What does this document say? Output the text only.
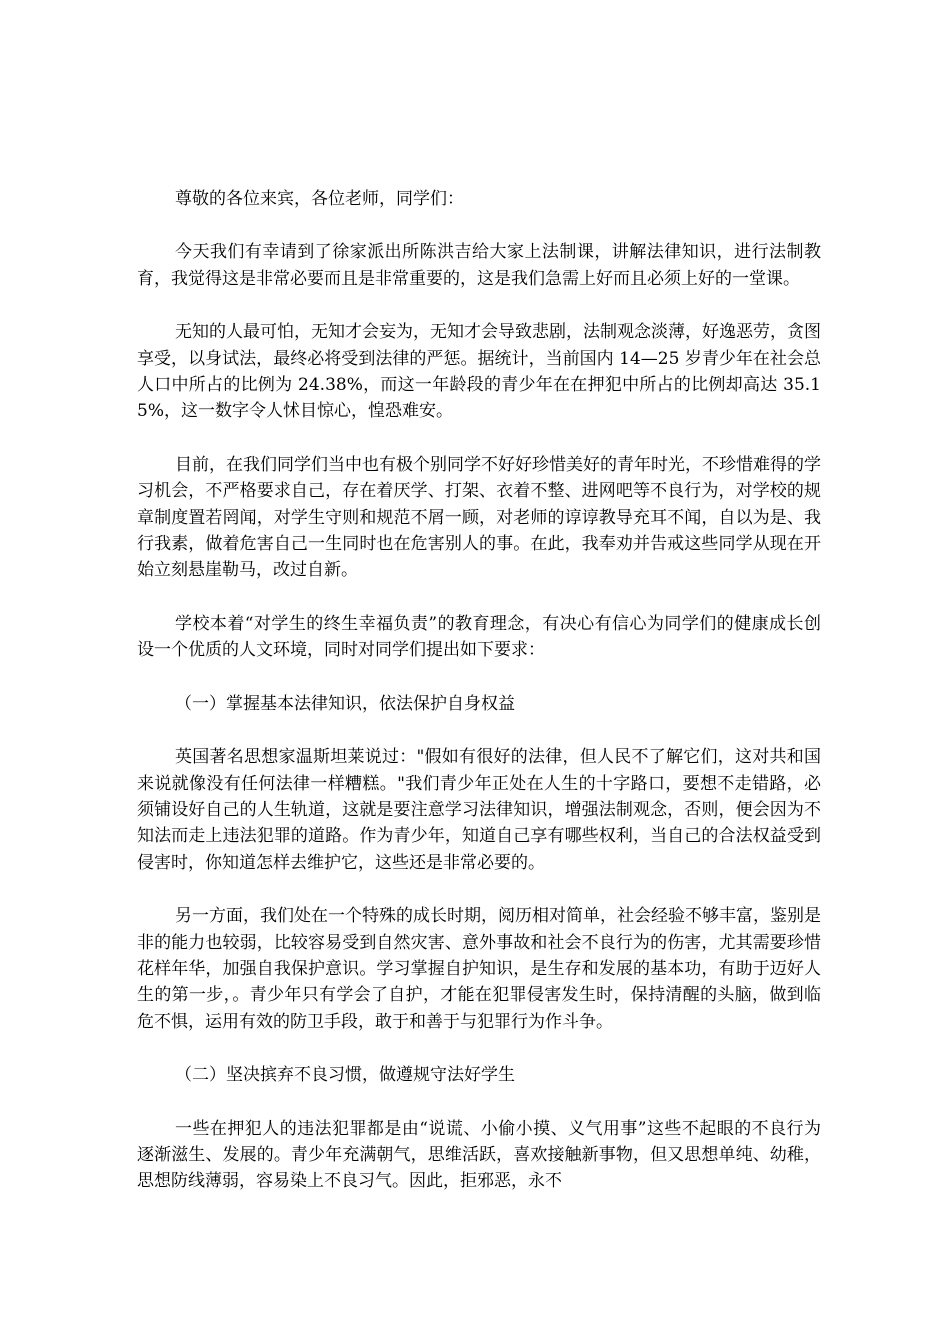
尊敬的各位来宾，各位老师，同学们：

今天我们有幸请到了徐家派出所陈洪吉给大家上法制课，讲解法律知识，进行法制教育，我觉得这是非常必要而且是非常重要的，这是我们急需上好而且必须上好的一堂课。

无知的人最可怕，无知才会妄为，无知才会导致悲剧，法制观念淡薄，好逸恶劳，贪图享受，以身试法，最终必将受到法律的严惩。据统计，当前国内 14—25 岁青少年在社会总人口中所占的比例为 24.38%，而这一年龄段的青少年在在押犯中所占的比例却高达 35.15%，这一数字令人怵目惊心，惶恐难安。

目前，在我们同学们当中也有极个别同学不好好珍惜美好的青年时光，不珍惜难得的学习机会，不严格要求自己，存在着厌学、打架、衣着不整、进网吧等不良行为，对学校的规章制度置若罔闻，对学生守则和规范不屑一顾，对老师的谆谆教导充耳不闻，自以为是、我行我素，做着危害自己一生同时也在危害别人的事。在此，我奉劝并告戒这些同学从现在开始立刻悬崖勒马，改过自新。

学校本着“对学生的终生幸福负责”的教育理念，有决心有信心为同学们的健康成长创设一个优质的人文环境，同时对同学们提出如下要求：

（一）掌握基本法律知识，依法保护自身权益

英国著名思想家温斯坦莱说过："假如有很好的法律，但人民不了解它们，这对共和国来说就像没有任何法律一样糟糕。"我们青少年正处在人生的十字路口，要想不走错路，必须铺设好自己的人生轨道，这就是要注意学习法律知识，增强法制观念，否则，便会因为不知法而走上违法犯罪的道路。作为青少年，知道自己享有哪些权利，当自己的合法权益受到侵害时，你知道怎样去维护它，这些还是非常必要的。

另一方面，我们处在一个特殊的成长时期，阅历相对简单，社会经验不够丰富，鉴别是非的能力也较弱，比较容易受到自然灾害、意外事故和社会不良行为的伤害，尤其需要珍惜花样年华，加强自我保护意识。学习掌握自护知识，是生存和发展的基本功，有助于迈好人生的第一步，。青少年只有学会了自护，才能在犯罪侵害发生时，保持清醒的头脑，做到临危不惧，运用有效的防卫手段，敢于和善于与犯罪行为作斗争。

（二）坚决摈弃不良习惯，做遵规守法好学生

一些在押犯人的违法犯罪都是由“说谎、小偷小摸、义气用事”这些不起眼的不良行为逐渐滋生、发展的。青少年充满朝气，思维活跃，喜欢接触新事物，但又思想单纯、幼稚，思想防线薄弱，容易染上不良习气。因此，拒邪恶，永不
